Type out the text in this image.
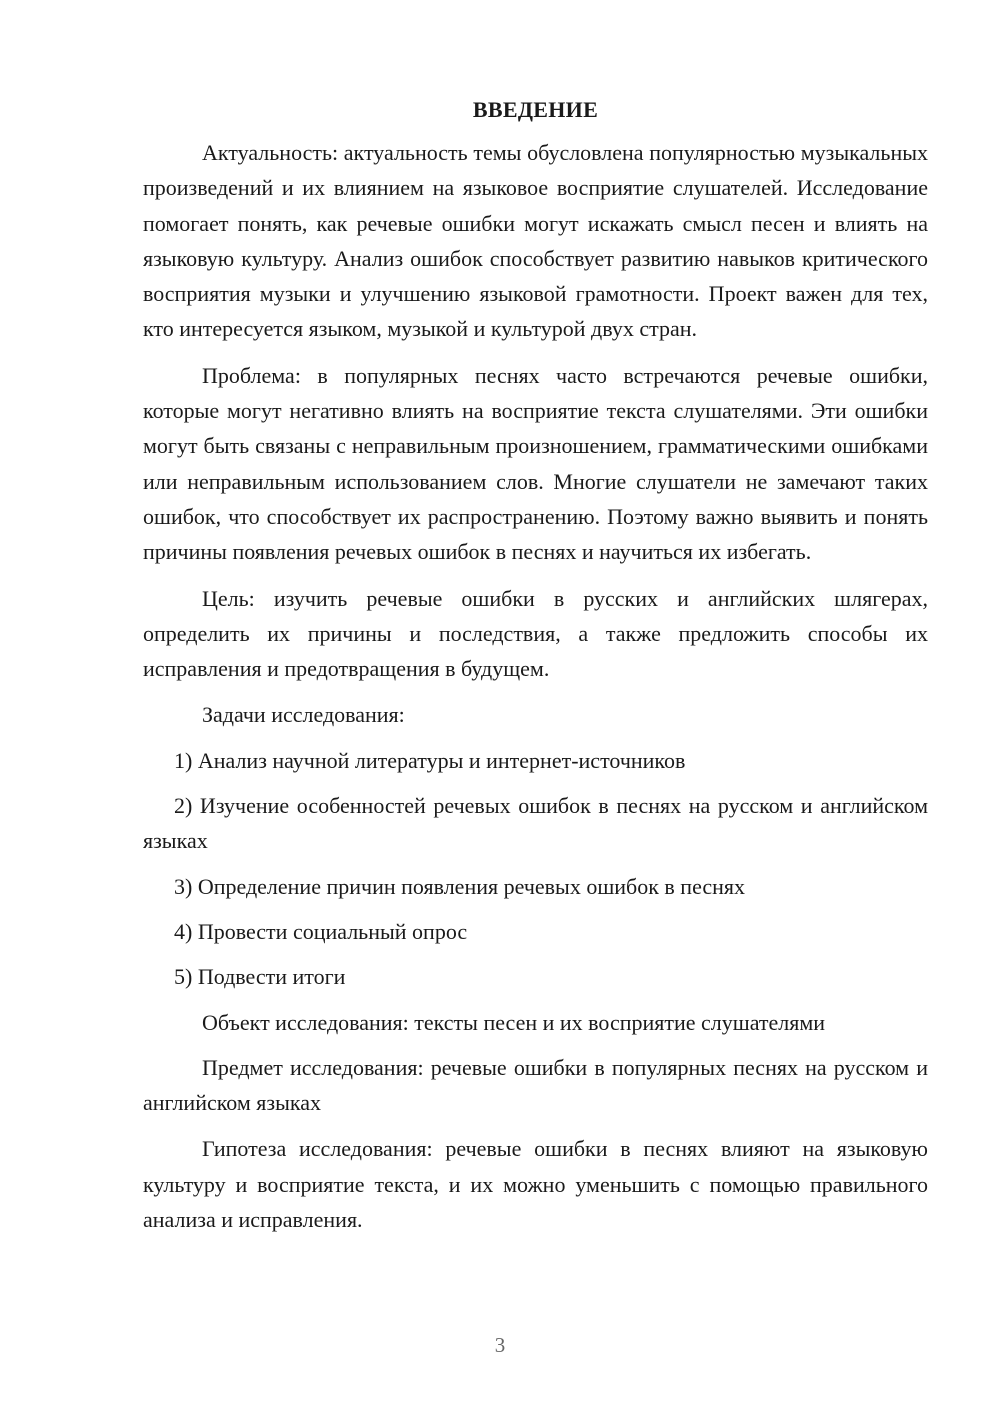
ВВЕДЕНИЕ

Актуальность: актуальность темы обусловлена популярностью музыкальных произведений и их влиянием на языковое восприятие слушателей. Исследование помогает понять, как речевые ошибки могут искажать смысл песен и влиять на языковую культуру. Анализ ошибок способствует развитию навыков критического восприятия музыки и улучшению языковой грамотности. Проект важен для тех, кто интересуется языком, музыкой и культурой двух стран.

Проблема: в популярных песнях часто встречаются речевые ошибки, которые могут негативно влиять на восприятие текста слушателями. Эти ошибки могут быть связаны с неправильным произношением, грамматическими ошибками или неправильным использованием слов. Многие слушатели не замечают таких ошибок, что способствует их распространению. Поэтому важно выявить и понять причины появления речевых ошибок в песнях и научиться их избегать.

Цель: изучить речевые ошибки в русских и английских шлягерах, определить их причины и последствия, а также предложить способы их исправления и предотвращения в будущем.

Задачи исследования:

1) Анализ научной литературы и интернет-источников

2) Изучение особенностей речевых ошибок в песнях на русском и английском языках

3) Определение причин появления речевых ошибок в песнях

4) Провести социальный опрос

5) Подвести итоги

Объект исследования: тексты песен и их восприятие слушателями

Предмет исследования: речевые ошибки в популярных песнях на русском и английском языках

Гипотеза исследования: речевые ошибки в песнях влияют на языковую культуру и восприятие текста, и их можно уменьшить с помощью правильного анализа и исправления.

3
